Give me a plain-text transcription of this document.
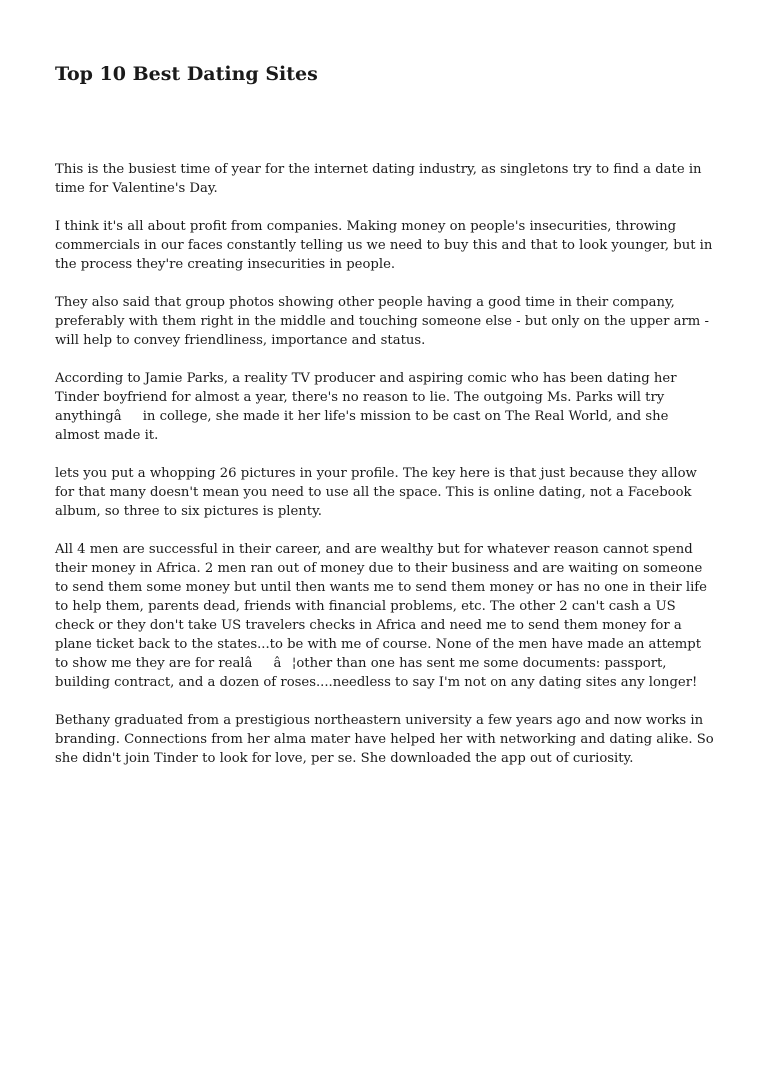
Top 10 Best Dating Sites

This is the busiest time of year for the internet dating industry, as singletons try to find a date in time for Valentine's Day.

I think it's all about profit from companies. Making money on people's insecurities, throwing commercials in our faces constantly telling us we need to buy this and that to look younger, but in the process they're creating insecurities in people.

They also said that group photos showing other people having a good time in their company, preferably with them right in the middle and touching someone else - but only on the upper arm - will help to convey friendliness, importance and status.

According to Jamie Parks, a reality TV producer and aspiring comic who has been dating her Tinder boyfriend for almost a year, there's no reason to lie. The outgoing Ms. Parks will try anythingâin college, she made it her life's mission to be cast on The Real World, and she almost made it.

lets you put a whopping 26 pictures in your profile. The key here is that just because they allow for that many doesn't mean you need to use all the space. This is online dating, not a Facebook album, so three to six pictures is plenty.

All 4 men are successful in their career, and are wealthy but for whatever reason cannot spend their money in Africa. 2 men ran out of money due to their business and are waiting on someone to send them some money but until then wants me to send them money or has no one in their life to help them, parents dead, friends with financial problems, etc. The other 2 can't cash a US check or they don't take US travelers checks in Africa and need me to send them money for a plane ticket back to the states...to be with me of course. None of the men have made an attempt to show me they are for realââ¦other than one has sent me some documents: passport, building contract, and a dozen of roses....needless to say I'm not on any dating sites any longer!

Bethany graduated from a prestigious northeastern university a few years ago and now works in branding. Connections from her alma mater have helped her with networking and dating alike. So she didn't join Tinder to look for love, per se. She downloaded the app out of curiosity.
